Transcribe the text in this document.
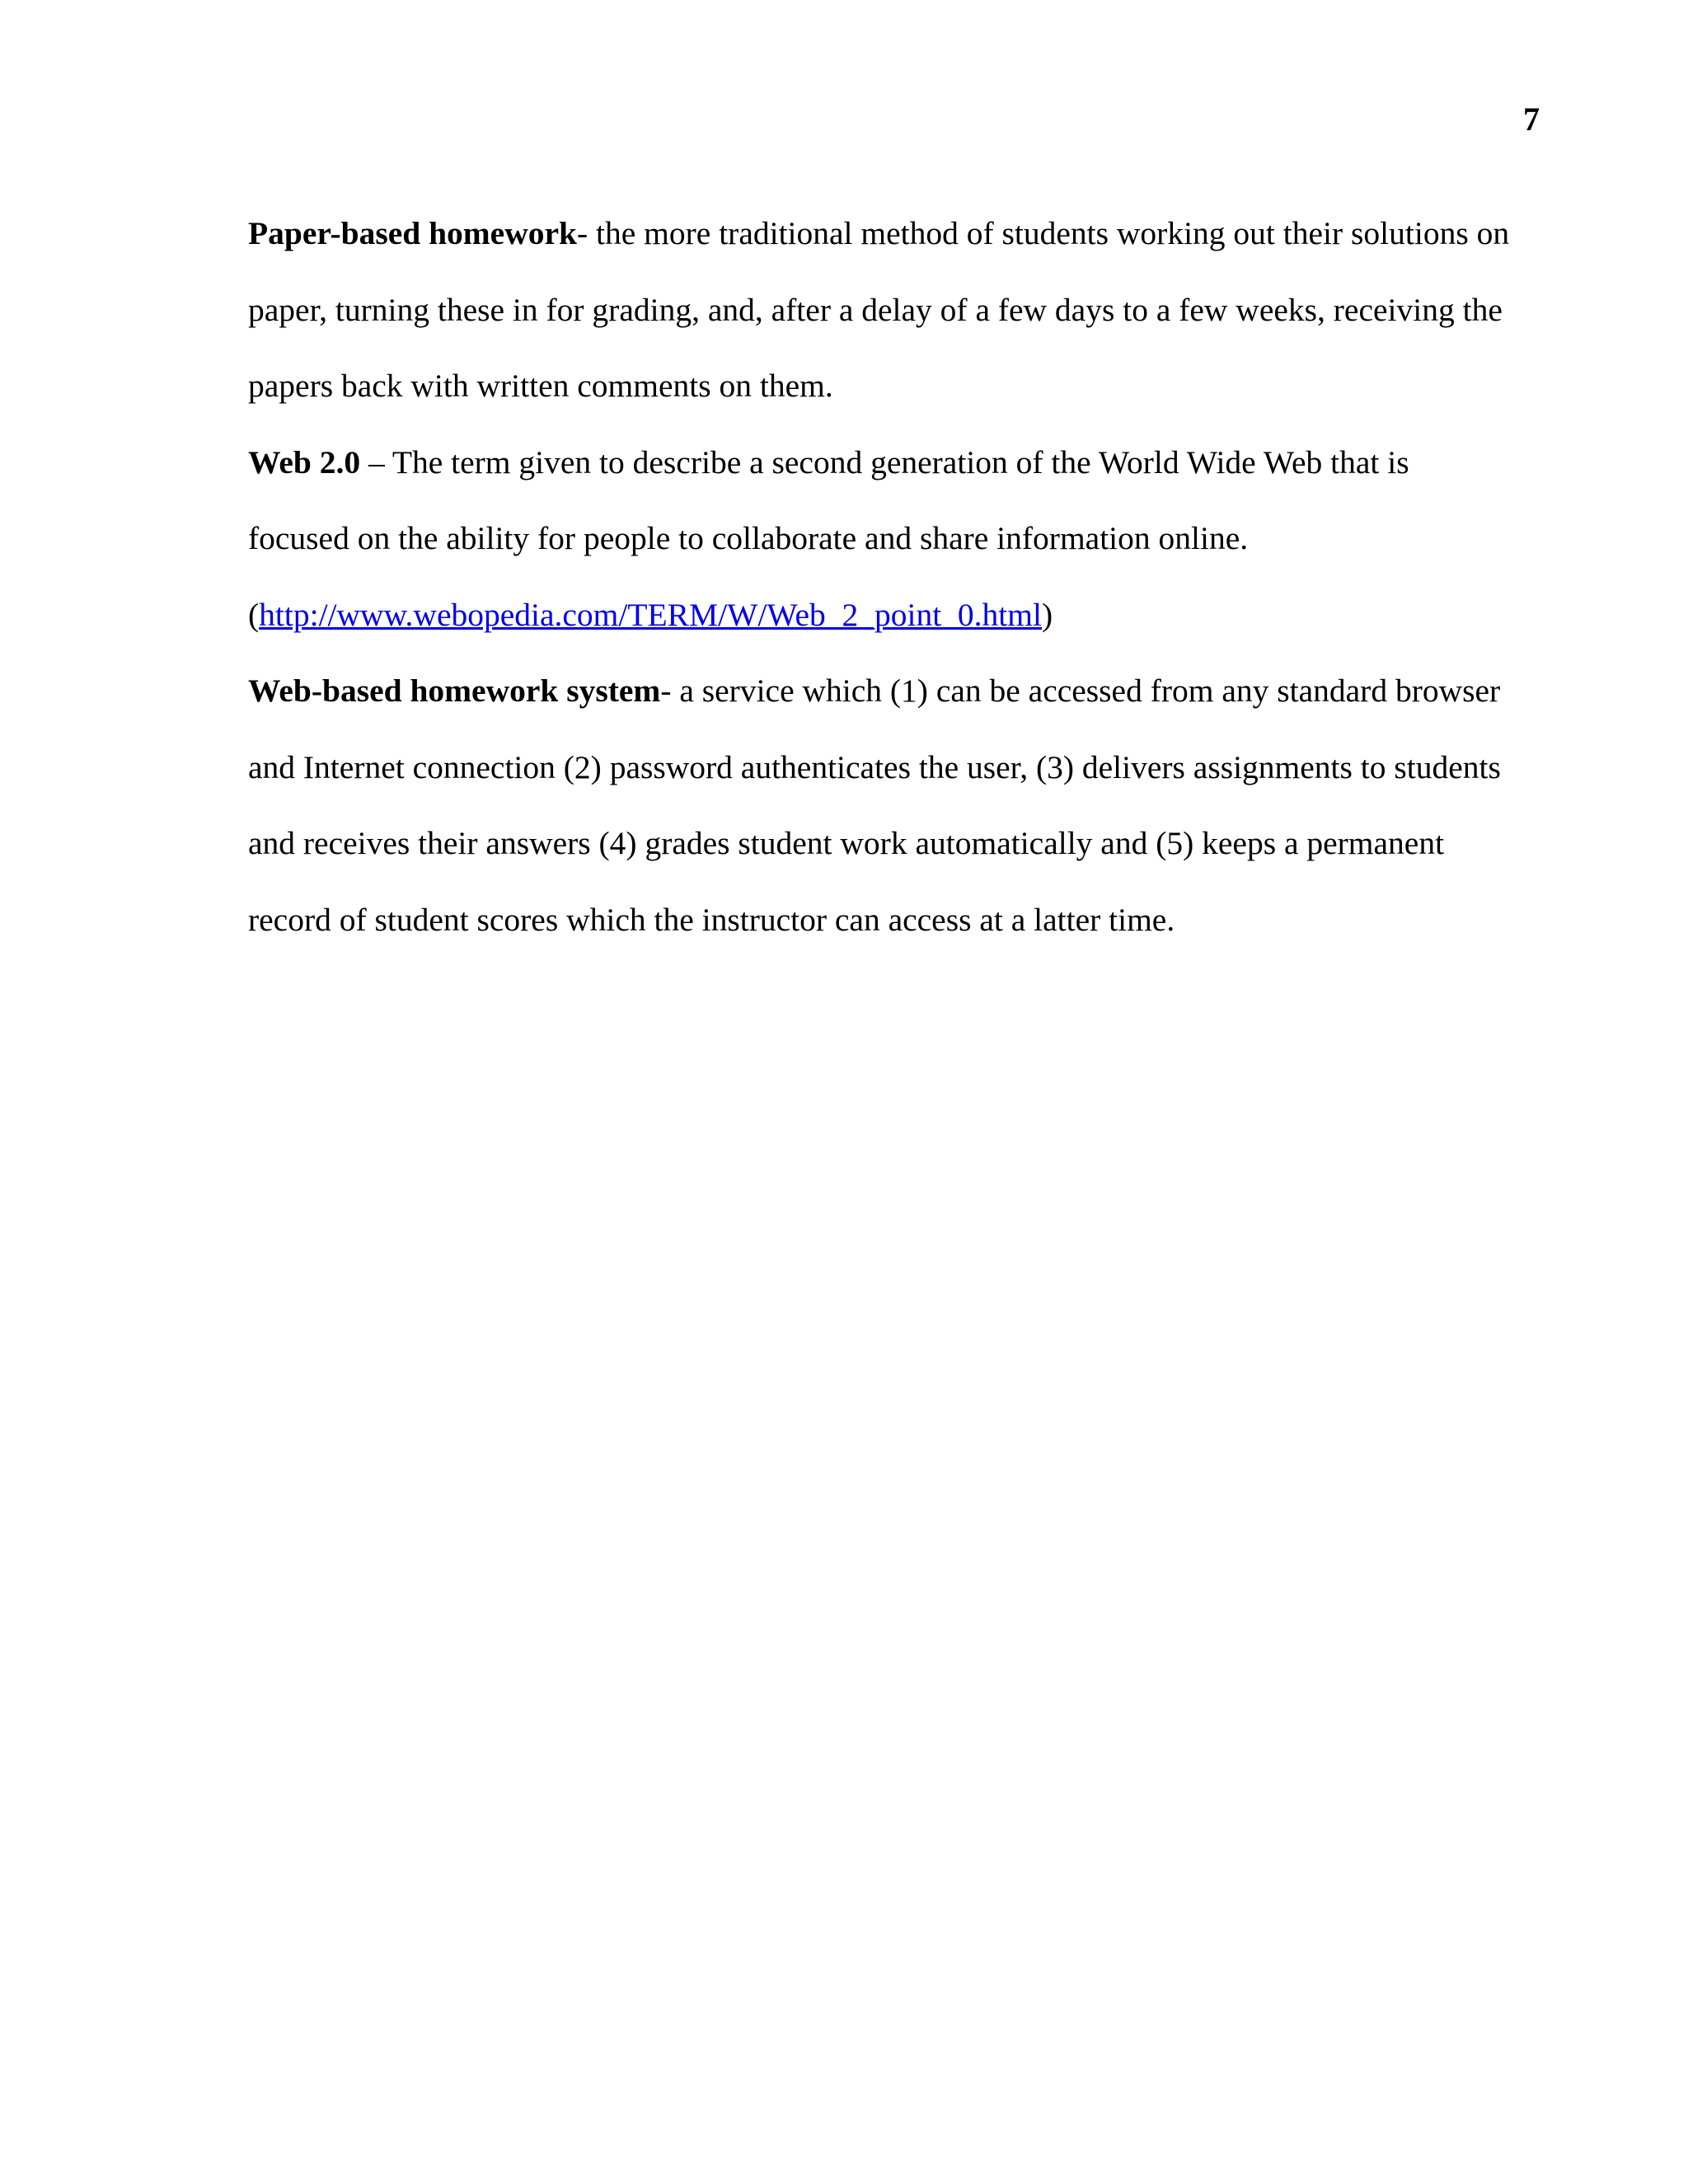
7
Paper-based homework- the more traditional method of students working out their solutions on
paper, turning these in for grading, and, after a delay of a few days to a few weeks, receiving the
papers back with written comments on them.
Web 2.0 – The term given to describe a second generation of the World Wide Web that is
focused on the ability for people to collaborate and share information online.
(http://www.webopedia.com/TERM/W/Web_2_point_0.html)
Web-based homework system- a service which (1) can be accessed from any standard browser
and Internet connection (2) password authenticates the user, (3) delivers assignments to students
and receives their answers (4) grades student work automatically and (5) keeps a permanent
record of student scores which the instructor can access at a latter time.
